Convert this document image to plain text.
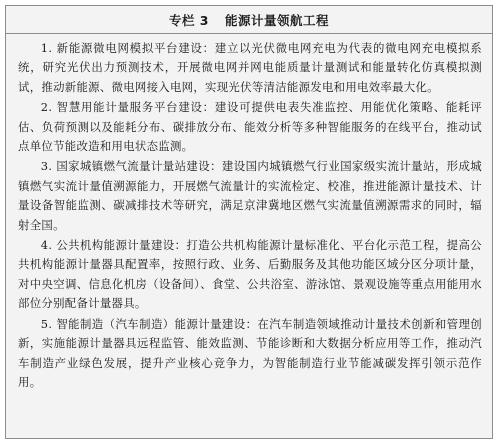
专栏 3 能源计量领航工程

1. 新能源微电网模拟平台建设：建立以光伏微电网充电为代表的微电网充电模拟系统，研究光伏出力预测技术，开展微电网并网电能质量计量测试和能量转化仿真模拟测试，推动新能源、微电网接入电网，实现光伏等清洁能源发电和用电效率最大化。

2. 智慧用能计量服务平台建设：建设可提供电表失准监控、用能优化策略、能耗评估、负荷预测以及能耗分布、碳排放分布、能效分析等多种智能服务的在线平台，推动试点单位节能改造和用电状态监测。

3. 国家城镇燃气流量计量站建设：建设国内城镇燃气行业国家级实流计量站，形成城镇燃气实流计量值溯源能力，开展燃气流量计的实流检定、校准，推进能源计量技术、计量设备智能监测、碳减排技术等研究，满足京津冀地区燃气实流量值溯源需求的同时，辐射全国。

4. 公共机构能源计量建设：打造公共机构能源计量标准化、平台化示范工程，提高公共机构能源计量器具配置率，按照行政、业务、后勤服务及其他功能区域分区分项计量，对中央空调、信息化机房（设备间）、食堂、公共浴室、游泳馆、景观设施等重点用能用水部位分别配备计量器具。

5. 智能制造（汽车制造）能源计量建设：在汽车制造领域推动计量技术创新和管理创新，实施能源计量器具远程监管、能效监测、节能诊断和大数据分析应用等工作，推动汽车制造产业绿色发展，提升产业核心竞争力，为智能制造行业节能减碳发挥引领示范作用。
